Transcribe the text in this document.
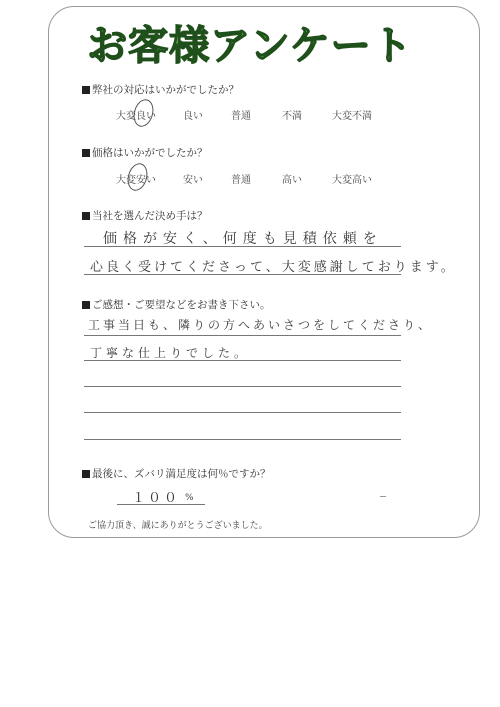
お客様アンケート
弊社の対応はいかがでしたか？
大変良い	良い	普通	不満	大変不満
価格はいかがでしたか？
大変安い	安い	普通	高い	大変高い
当社を選んだ決め手は？
価格が安く、何度も見積依頼を
心良く受けてくださって、大変感謝しております。
ご感想・ご要望などをお書き下さい。
工事当日も、隣りの方へあいさつをしてくださり、
丁寧な仕上りでした。
最後に、ズバリ満足度は何％ですか？
１００ %
ご協力頂き、誠にありがとうございました。
